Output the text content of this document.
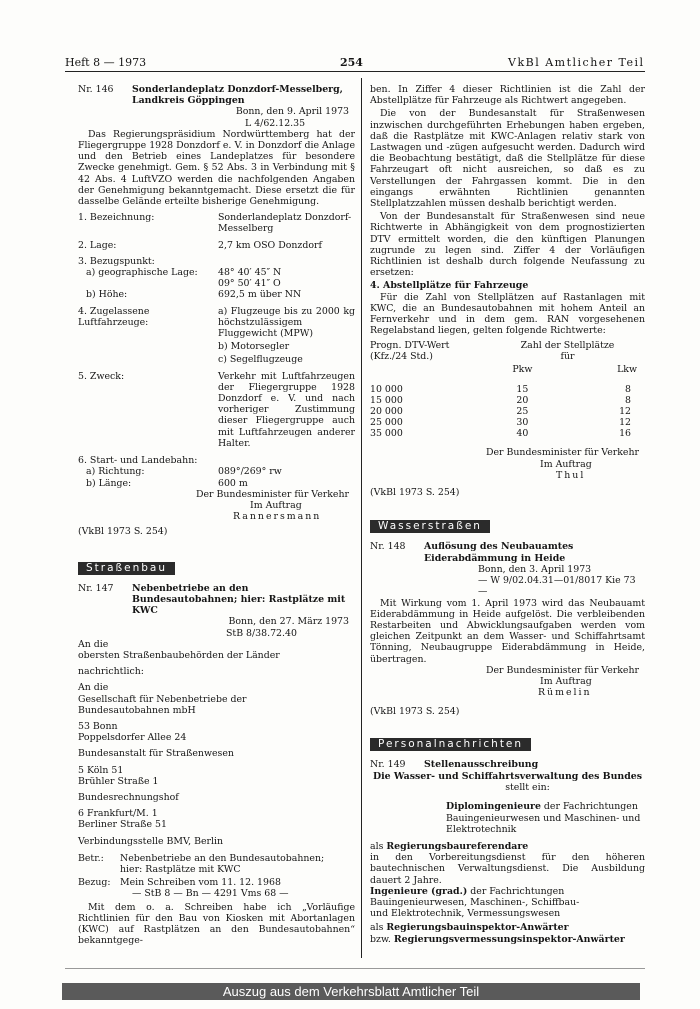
Heft 8 — 1973	254	VkBl Amtlicher Teil
Nr. 146	Sonderlandeplatz Donzdorf-Messelberg, Landkreis Göppingen

Bonn, den 9. April 1973

L 4/62.12.35

Das Regierungspräsidium Nordwürttemberg hat der Fliegergruppe 1928 Donzdorf e. V. in Donzdorf die Anlage und den Betrieb eines Landeplatzes für besondere Zwecke genehmigt. Gem. § 52 Abs. 3 in Verbindung mit § 42 Abs. 4 LuftVZO werden die nachfolgenden Angaben der Genehmigung bekanntgemacht. Diese ersetzt die für dasselbe Gelände erteilte bisherige Genehmigung.

1. Bezeichnung:	Sonderlandeplatz Donzdorf-Messelberg
2. Lage:	2,7 km OSO Donzdorf

3. Bezugspunkt:

a) geographische Lage:	48° 40′ 45″ N
09° 50′ 41″ O
b) Höhe:	692,5 m über NN
4. Zugelassene Luftfahrzeuge:
a) Flugzeuge bis zu 2000 kg höchstzulässigem Fluggewicht (MPW)
b) Motorsegler
c) Segelflugzeuge
5. Zweck:	Verkehr mit Luftfahrzeugen der Fliegergruppe 1928 Donzdorf e. V. und nach vorheriger Zustimmung dieser Fliegergruppe auch mit Luftfahrzeugen anderer Halter.

6. Start- und Landebahn:

a) Richtung:	089°/269° rw
b) Länge:	600 m

Der Bundesminister für Verkehr

Im Auftrag

Rannersmann

(VkBl 1973 S. 254)

Straßenbau
Nr. 147	Nebenbetriebe an den Bundesautobahnen; hier: Rastplätze mit KWC

Bonn, den 27. März 1973

StB 8/38.72.40

An die

obersten Straßenbaubehörden der Länder

nachrichtlich:

An die

Gesellschaft für Nebenbetriebe der

Bundesautobahnen mbH

53 Bonn

Poppelsdorfer Allee 24

Bundesanstalt für Straßenwesen

5 Köln 51

Brühler Straße 1

Bundesrechnungshof

6 Frankfurt/M. 1

Berliner Straße 51

Verbindungsstelle BMV, Berlin

Betr.:	Nebenbetriebe an den Bundesautobahnen;
hier: Rastplätze mit KWC
Bezug:	Mein Schreiben vom 11. 12. 1968
— StB 8 — Bn — 4291 Vms 68 —

Mit dem o. a. Schreiben habe ich „Vorläufige Richtlinien für den Bau von Kiosken mit Abortanlagen (KWC) auf Rastplätzen an den Bundesautobahnen“ bekanntgege-

ben. In Ziffer 4 dieser Richtlinien ist die Zahl der Abstellplätze für Fahrzeuge als Richtwert angegeben.

Die von der Bundesanstalt für Straßenwesen inzwischen durchgeführten Erhebungen haben ergeben, daß die Rastplätze mit KWC-Anlagen relativ stark von Lastwagen und -zügen aufgesucht werden. Dadurch wird die Beobachtung bestätigt, daß die Stellplätze für diese Fahrzeugart oft nicht ausreichen, so daß es zu Verstellungen der Fahrgassen kommt. Die in den eingangs erwähnten Richtlinien genannten Stellplatzzahlen müssen deshalb berichtigt werden.

Von der Bundesanstalt für Straßenwesen sind neue Richtwerte in Abhängigkeit von dem prognostizierten DTV ermittelt worden, die den künftigen Planungen zugrunde zu legen sind. Ziffer 4 der Vorläufigen Richtlinien ist deshalb durch folgende Neufassung zu ersetzen:

4. Abstellplätze für Fahrzeuge

Für die Zahl von Stellplätzen auf Rastanlagen mit KWC, die an Bundesautobahnen mit hohem Anteil an Fernverkehr und in dem gem. RAN vorgesehenen Regelabstand liegen, gelten folgende Richtwerte:

Progn. DTV-Wert
(Kfz./24 Std.)	Zahl der Stellplätze
für	
	Pkw	Lkw

10 000	15	8
15 000	20	8
20 000	25	12
25 000	30	12
35 000	40	16

Der Bundesminister für Verkehr

Im Auftrag

Thul

(VkBl 1973 S. 254)

Wasserstraßen
Nr. 148	Auflösung des Neubauamtes Eiderabdämmung in Heide

Bonn, den 3. April 1973

— W 9/02.04.31—01/8017 Kie 73 —

Mit Wirkung vom 1. April 1973 wird das Neubauamt Eiderabdämmung in Heide aufgelöst. Die verbleibenden Restarbeiten und Abwicklungsaufgaben werden vom gleichen Zeitpunkt an dem Wasser- und Schiffahrtsamt Tönning, Neubaugruppe Eiderabdämmung in Heide, übertragen.

Der Bundesminister für Verkehr

Im Auftrag

Rümelin

(VkBl 1973 S. 254)

Personalnachrichten
Nr. 149	Stellenausschreibung

Die Wasser- und Schiffahrtsverwaltung des Bundes

stellt ein:

Diplomingenieure der Fachrichtungen

Bauingenieurwesen und Maschinen- und

Elektrotechnik

als Regierungsbaureferendare

in den Vorbereitungsdienst für den höheren bautechnischen Verwaltungsdienst. Die Ausbildung dauert 2 Jahre.

Ingenieure (grad.) der Fachrichtungen

Bauingenieurwesen, Maschinen-, Schiffbau-

und Elektrotechnik, Vermessungswesen

als Regierungsbauinspektor-Anwärter

bzw. Regierungsvermessungsinspektor-Anwärter

Auszug aus dem Verkehrsblatt Amtlicher Teil
